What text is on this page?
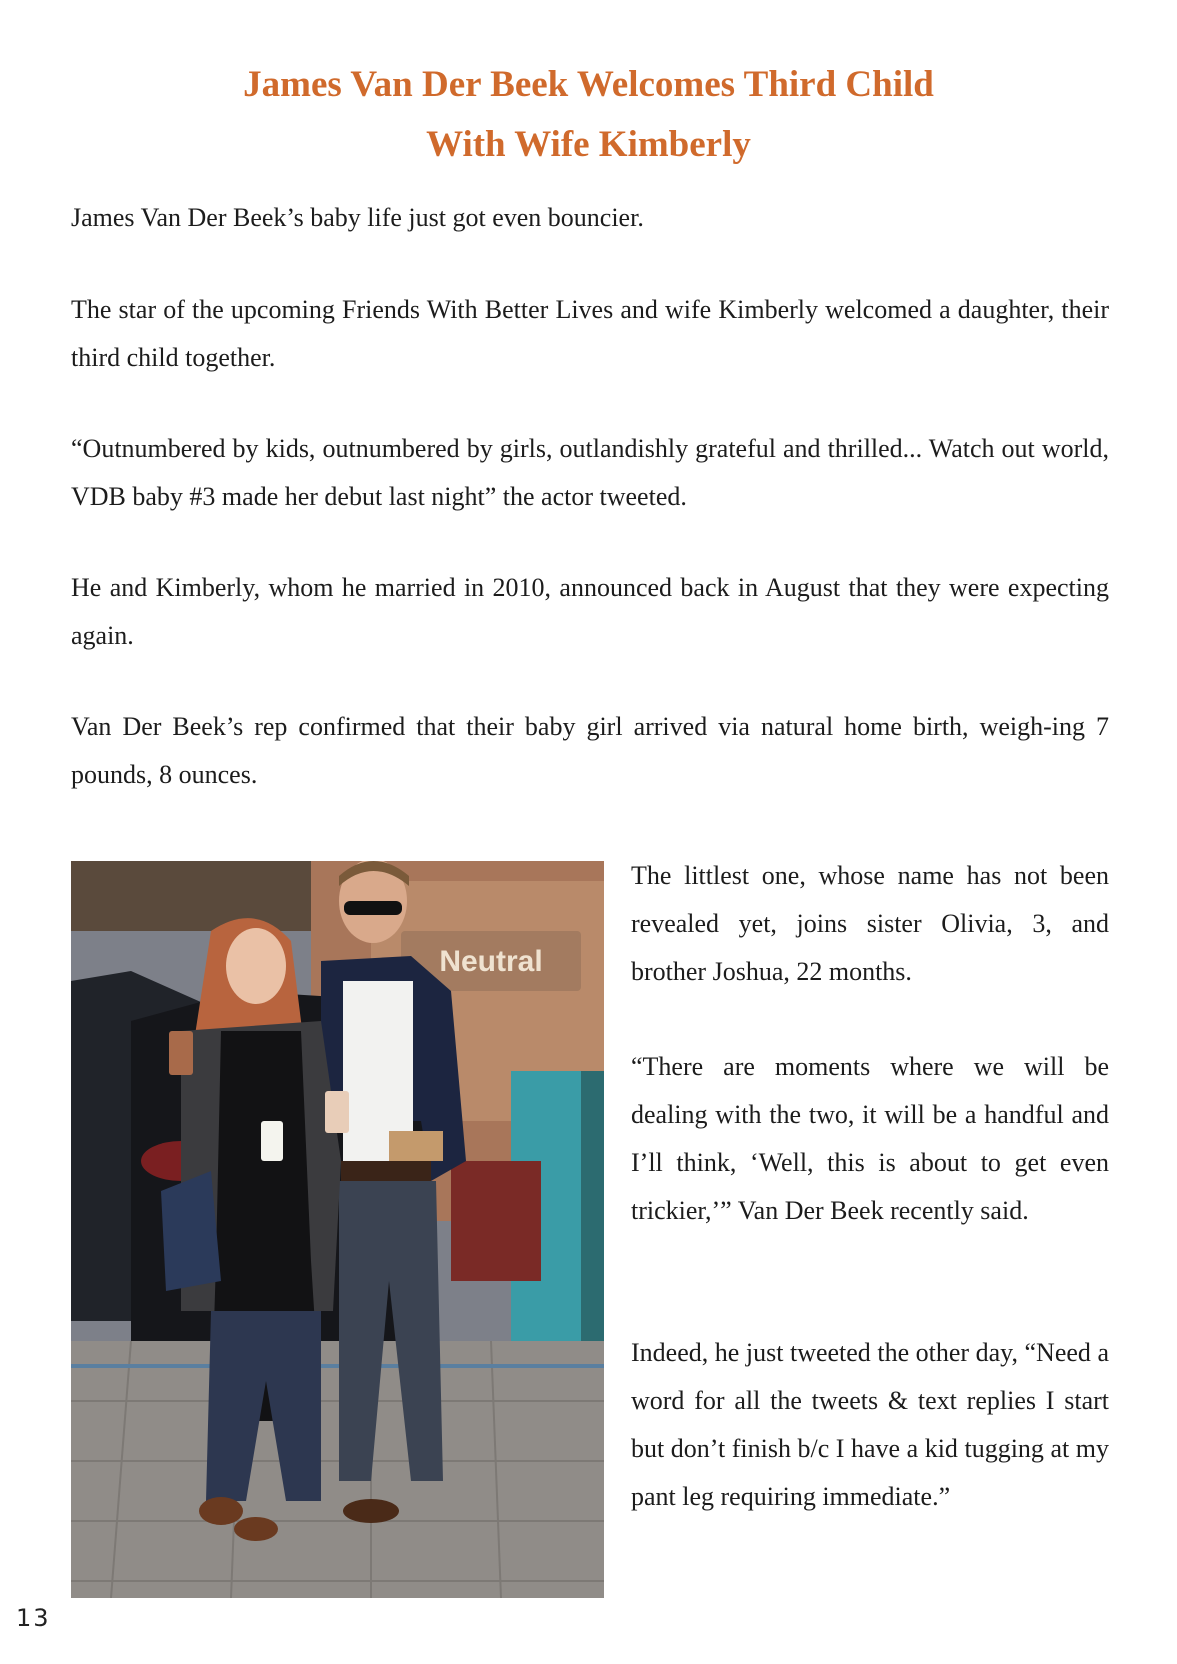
James Van Der Beek Welcomes Third Child
With Wife Kimberly

James Van Der Beek’s baby life just got even bouncier.

The star of the upcoming Friends With Better Lives and wife Kimberly welcomed a daughter, their third child together.

“Outnumbered by kids, outnumbered by girls, outlandishly grateful and thrilled... Watch out world, VDB baby #3 made her debut last night” the actor tweeted.

He and Kimberly, whom he married in 2010, announced back in August that they were expecting again.

Van Der Beek’s rep confirmed that their baby girl arrived via natural home birth, weigh-ing 7 pounds, 8 ounces.

Neutral

The littlest one, whose name has not been revealed yet, joins sister Olivia, 3, and brother Joshua, 22 months.

“There are moments where we will be dealing with the two, it will be a handful and I’ll think, ‘Well, this is about to get even trickier,’” Van Der Beek recently said.

Indeed, he just tweeted the other day, “Need a word for all the tweets & text replies I start but don’t finish b/c I have a kid tugging at my pant leg requiring immediate.”

13
